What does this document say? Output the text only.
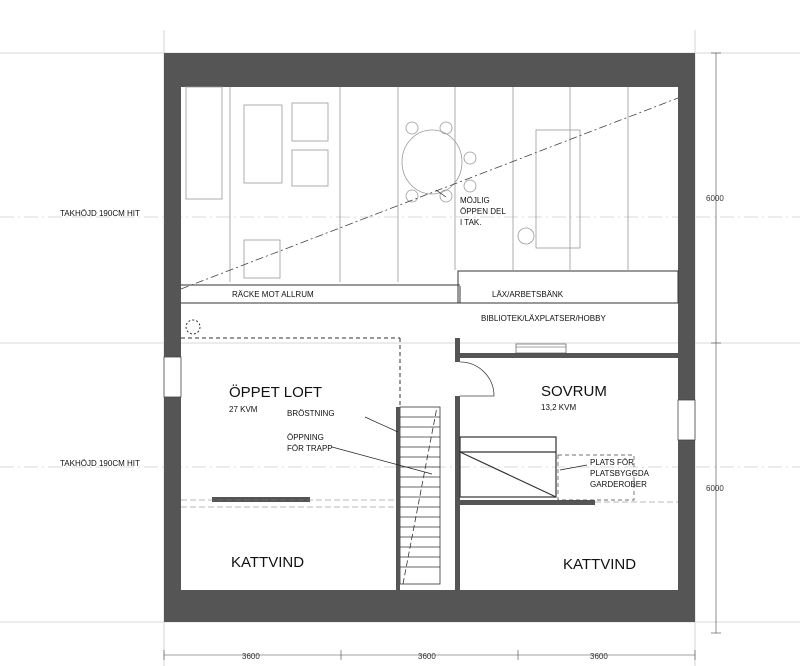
TAKHÖJD 190CM HIT
TAKHÖJD 190CM HIT
RÄCKE MOT ALLRUM	LÄX/ARBETSBÄNK
BIBLIOTEK/LÄXPLATSER/HOBBY
MÖJLIG
ÖPPEN DEL
I TAK.
ÖPPET LOFT
27 KVM
SOVRUM
13,2 KVM
BRÖSTNING
ÖPPNING
FÖR TRAPP
PLATS FÖR
PLATSBYGGDA
GARDEROBER
KATTVIND	KATTVIND
3600	3600	3600
6000
6000
